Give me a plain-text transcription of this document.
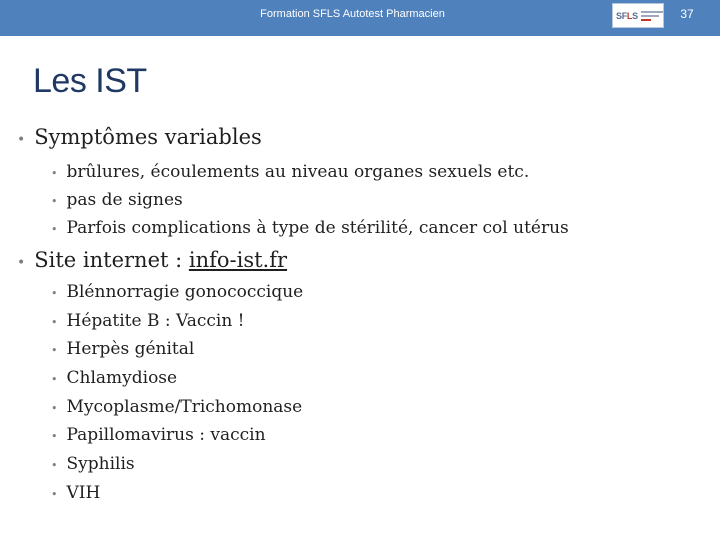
Formation SFLS Autotest Pharmacien	SFLS	37
Les IST
• Symptômes variables
• brûlures, écoulements au niveau organes sexuels etc.
• pas de signes
• Parfois complications à type de stérilité, cancer col utérus
• Site internet : info-ist.fr
• Blénnorragie gonococcique
• Hépatite B : Vaccin !
• Herpès génital
• Chlamydiose
• Mycoplasme/Trichomonase
• Papillomavirus : vaccin
• Syphilis
• VIH
